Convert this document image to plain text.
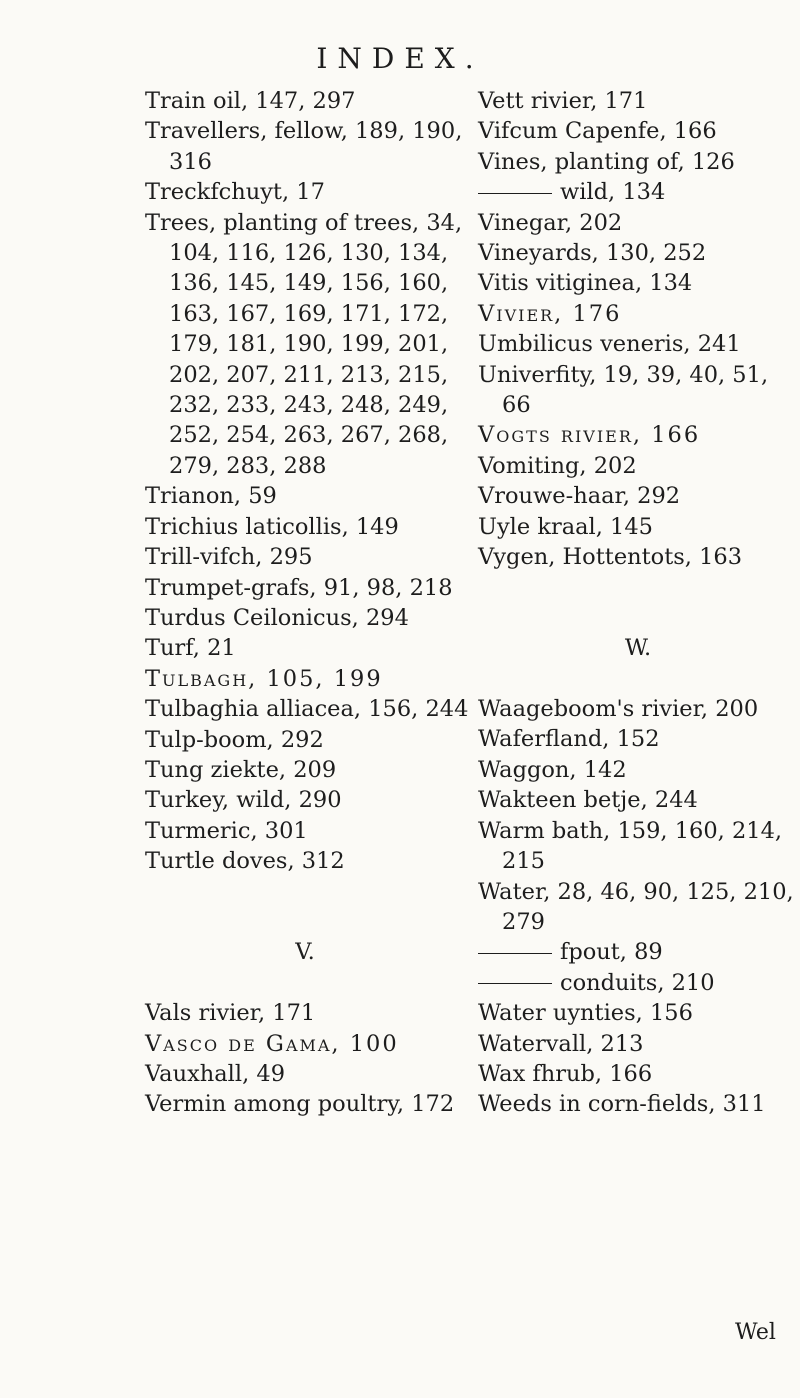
INDEX.
Train oil, 147, 297
Travellers, fellow, 189, 190,
316
Treckfchuyt, 17
Trees, planting of trees, 34,
104, 116, 126, 130, 134,
136, 145, 149, 156, 160,
163, 167, 169, 171, 172,
179, 181, 190, 199, 201,
202, 207, 211, 213, 215,
232, 233, 243, 248, 249,
252, 254, 263, 267, 268,
279, 283, 288
Trianon, 59
Trichius laticollis, 149
Trill-vifch, 295
Trumpet-grafs, 91, 98, 218
Turdus Ceilonicus, 294
Turf, 21
Tulbagh, 105, 199
Tulbaghia alliacea, 156, 244
Tulp-boom, 292
Tung ziekte, 209
Turkey, wild, 290
Turmeric, 301
Turtle doves, 312
V.
Vals rivier, 171
Vasco de Gama, 100
Vauxhall, 49
Vermin among poultry, 172
Vett rivier, 171
Vifcum Capenfe, 166
Vines, planting of, 126
wild, 134
Vinegar, 202
Vineyards, 130, 252
Vitis vitiginea, 134
Vivier, 176
Umbilicus veneris, 241
Univerfity, 19, 39, 40, 51,
66
Vogts rivier, 166
Vomiting, 202
Vrouwe-haar, 292
Uyle kraal, 145
Vygen, Hottentots, 163
W.
Waageboom's rivier, 200
Waferfland, 152
Waggon, 142
Wakteen betje, 244
Warm bath, 159, 160, 214,
215
Water, 28, 46, 90, 125, 210,
279
fpout, 89
conduits, 210
Water uynties, 156
Watervall, 213
Wax fhrub, 166
Weeds in corn-fields, 311
Wel
